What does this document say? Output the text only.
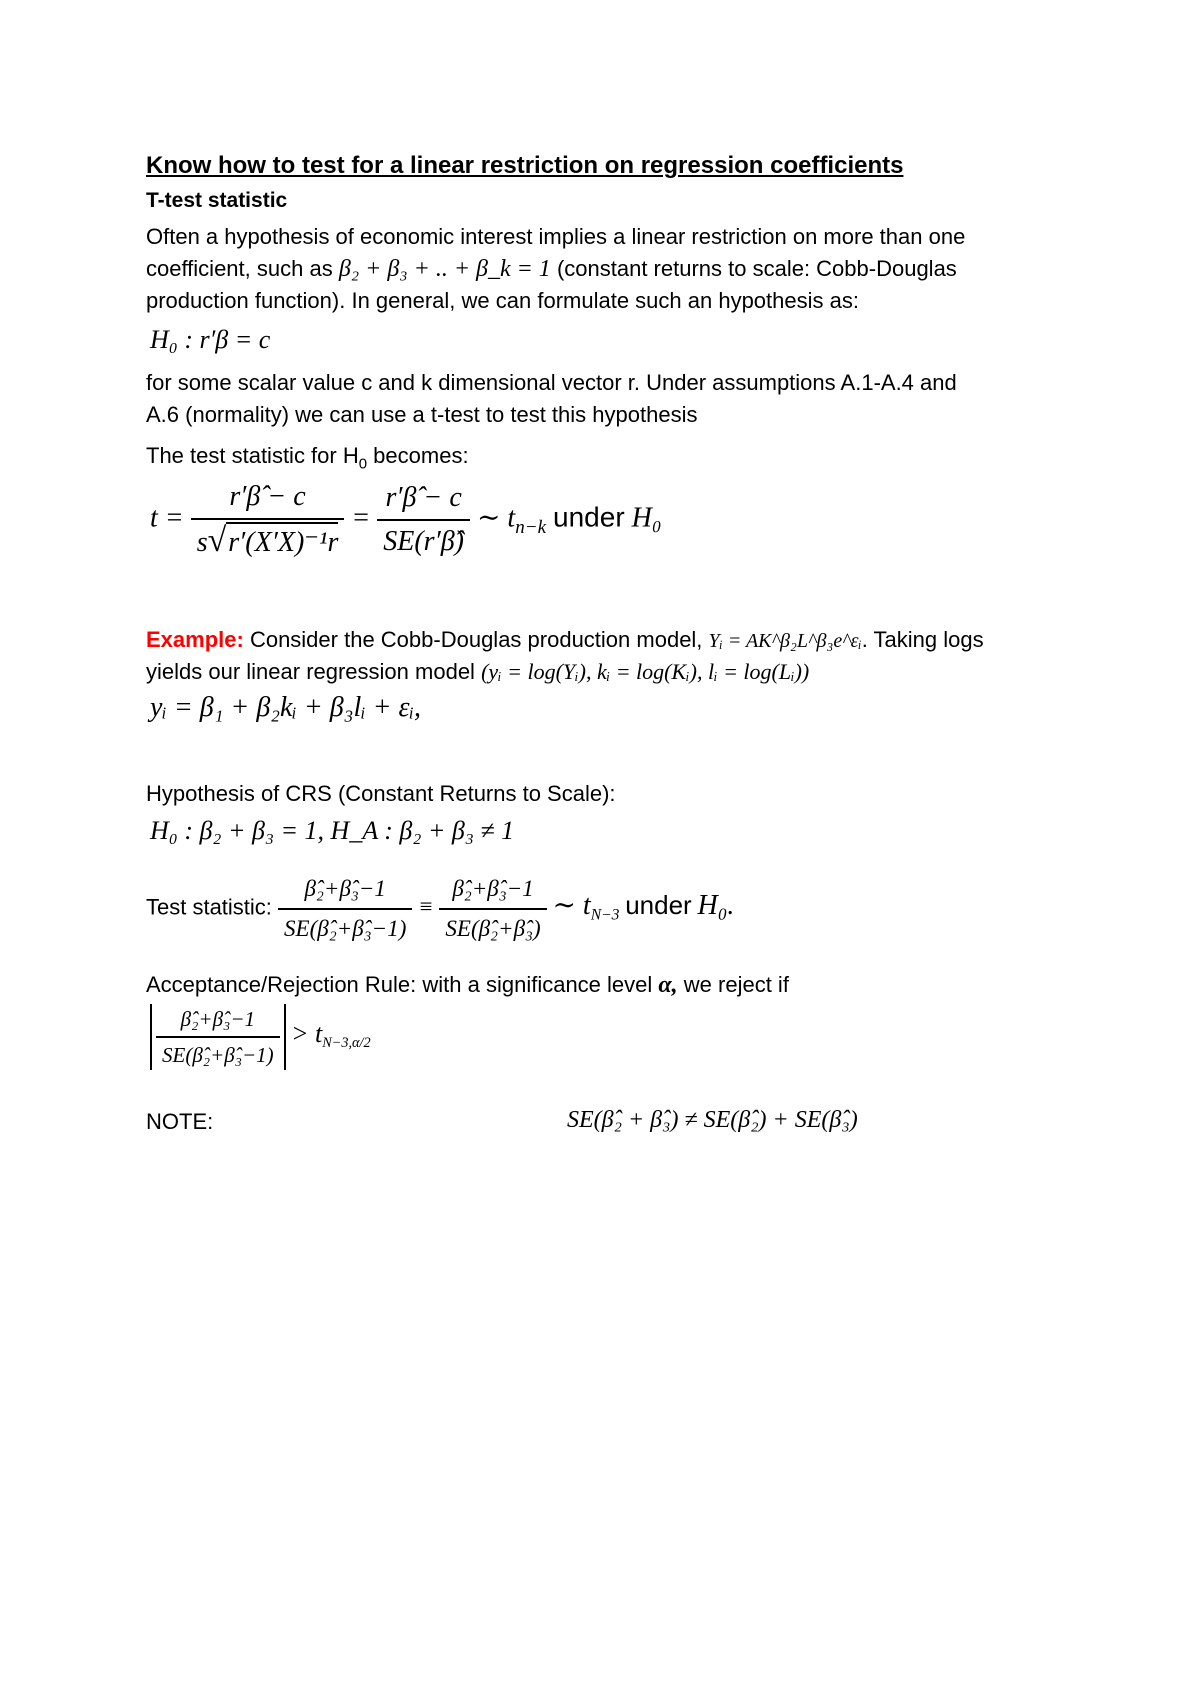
Know how to test for a linear restriction on regression coefficients
T-test statistic
Often a hypothesis of economic interest implies a linear restriction on more than one
coefficient, such as β₂ + β₃ + .. + β_k = 1 (constant returns to scale: Cobb-Douglas
production function). In general, we can formulate such an hypothesis as:
H₀ : r′β = c
for some scalar value c and k dimensional vector r. Under assumptions A.1-A.4 and
A.6 (normality) we can use a t-test to test this hypothesis
The test statistic for $H_0$ becomes:
$t = \frac{r'\betâ - c}{\text{s√r′(X′X)⁻¹r}} = \frac{r'\betâ - c}{SE(r'\betâ)}$ ∼ $t_{n-k}$ under H₀
Example: Consider the Cobb-Douglas production model, Yᵢ = AK^β₂L^β₃e^εᵢ. Taking logs
yields our linear regression model (yᵢ = log(Yᵢ), kᵢ = log(Kᵢ), lᵢ = log(Lᵢ))
yᵢ = β₁ + β₂kᵢ + β₃lᵢ + εᵢ,
Hypothesis of CRS (Constant Returns to Scale):
H₀ : β₂ + β₃ = 1, H_A : β₂ + β₃ ≠ 1
Test statistic: $\frac{\text{β̂₂+β̂₃−1}}{\text{SE(β̂₂+β̂₃−1)}} \equiv \frac{\text{β̂₂+β̂₃−1}}{\text{SE(β̂₂+β̂₃)}}$ ∼ $t_{N-3}$ under H₀.
Acceptance/Rejection Rule: with a significance level α, we reject if
$\frac{\text{β̂₂+β̂₃−1}}{\text{SE(β̂₂+β̂₃−1)}} > t_{N-3,\alpha/2}$
NOTE:	SE(β̂₂ + β̂₃) ≠ SE(β̂₂) + SE(β̂₃)
